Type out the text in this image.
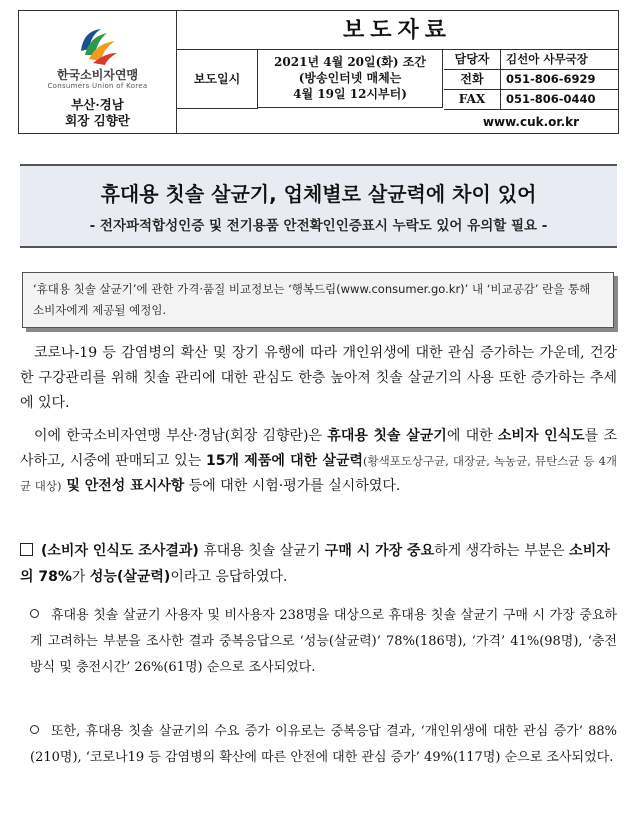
한국소비자연맹
Consumers Union of Korea
부산·경남
회장 김향란
보도자료
보도일시
2021년 4월 20일(화) 조간
(방송인터넷 매체는
4월 19일 12시부터)
담당자	김선아 사무국장
전화	051-806-6929
FAX	051-806-0440
www.cuk.or.kr
휴대용 칫솔 살균기, 업체별로 살균력에 차이 있어
- 전자파적합성인증 및 전기용품 안전확인인증표시 누락도 있어 유의할 필요 -
‘휴대용 칫솔 살균기’에 관한 가격·품질 비교정보는 ‘행복드림(www.consumer.go.kr)’ 내 ‘비교공감’ 란을 통해 소비자에게 제공될 예정임.
코로나-19 등 감염병의 확산 및 장기 유행에 따라 개인위생에 대한 관심 증가하는 가운데, 건강한 구강관리를 위해 칫솔 관리에 대한 관심도 한층 높아져 칫솔 살균기의 사용 또한 증가하는 추세에 있다.
이에 한국소비자연맹 부산·경남(회장 김향란)은 휴대용 칫솔 살균기에 대한 소비자 인식도를 조사하고, 시중에 판매되고 있는 15개 제품에 대한 살균력(황색포도상구균, 대장균, 녹농균, 뮤탄스균 등 4개 균 대상) 및 안전성 표시사항 등에 대한 시험·평가를 실시하였다.
(소비자 인식도 조사결과) 휴대용 칫솔 살균기 구매 시 가장 중요하게 생각하는 부분은 소비자의 78%가 성능(살균력)이라고 응답하였다.
휴대용 칫솔 살균기 사용자 및 비사용자 238명을 대상으로 휴대용 칫솔 살균기 구매 시 가장 중요하게 고려하는 부분을 조사한 결과 중복응답으로 ‘성능(살균력)’ 78%(186명), ‘가격’ 41%(98명), ‘충전방식 및 충전시간’ 26%(61명) 순으로 조사되었다.
또한, 휴대용 칫솔 살균기의 수요 증가 이유로는 중복응답 결과, ‘개인위생에 대한 관심 증가’ 88%(210명), ‘코로나19 등 감염병의 확산에 따른 안전에 대한 관심 증가’ 49%(117명) 순으로 조사되었다.
